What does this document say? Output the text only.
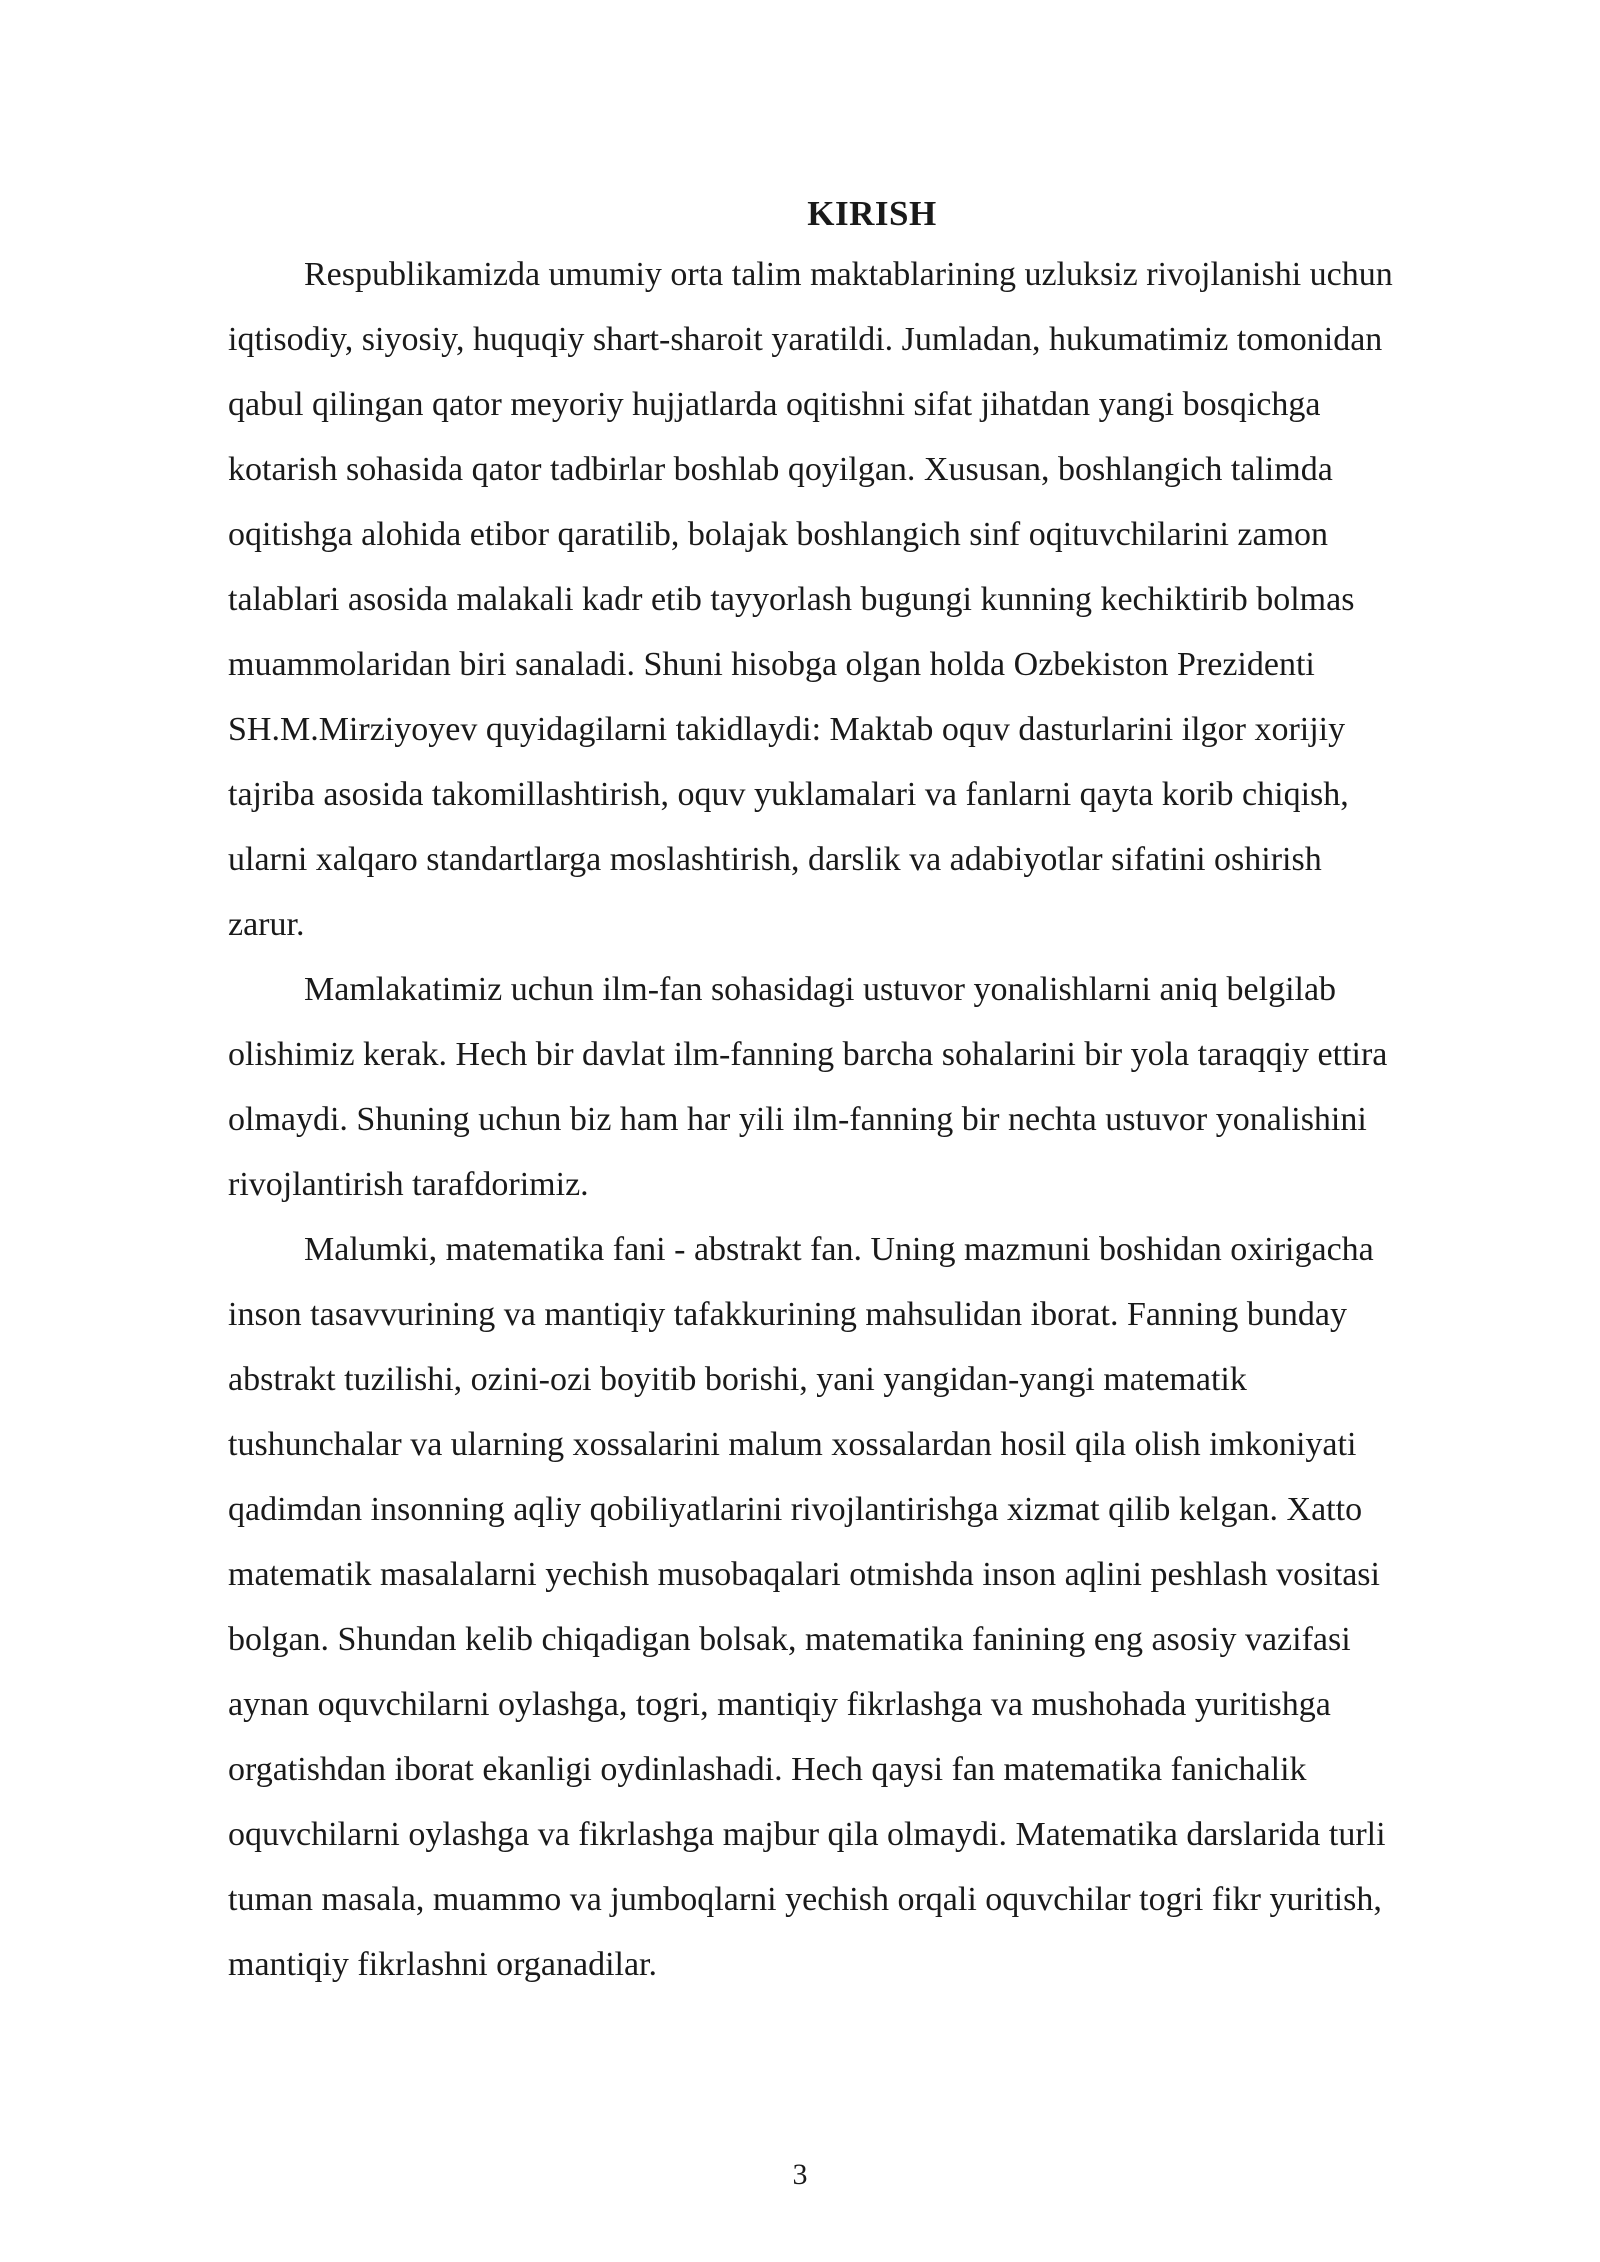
KIRISH

Respublikamizda umumiy orta talim maktablarining uzluksiz rivojlanishi uchun
iqtisodiy, siyosiy, huquqiy shart-sharoit yaratildi. Jumladan, hukumatimiz tomonidan
qabul qilingan qator meyoriy hujjatlarda oqitishni sifat jihatdan yangi bosqichga
kotarish sohasida qator tadbirlar boshlab qoyilgan. Xususan, boshlangich talimda
oqitishga alohida etibor qaratilib, bolajak boshlangich sinf oqituvchilarini zamon
talablari asosida malakali kadr etib tayyorlash bugungi kunning kechiktirib bolmas
muammolaridan biri sanaladi. Shuni hisobga olgan holda Ozbekiston Prezidenti
SH.M.Mirziyoyev quyidagilarni takidlaydi: Maktab oquv dasturlarini ilgor xorijiy
tajriba asosida takomillashtirish, oquv yuklamalari va fanlarni qayta korib chiqish,
ularni xalqaro standartlarga moslashtirish, darslik va adabiyotlar sifatini oshirish
zarur.

Mamlakatimiz uchun ilm-fan sohasidagi ustuvor yonalishlarni aniq belgilab
olishimiz kerak. Hech bir davlat ilm-fanning barcha sohalarini bir yola taraqqiy ettira
olmaydi. Shuning uchun biz ham har yili ilm-fanning bir nechta ustuvor yonalishini
rivojlantirish tarafdorimiz.

Malumki, matematika fani - abstrakt fan. Uning mazmuni boshidan oxirigacha
inson tasavvurining va mantiqiy tafakkurining mahsulidan iborat. Fanning bunday
abstrakt tuzilishi, ozini-ozi boyitib borishi, yani yangidan-yangi matematik
tushunchalar va ularning xossalarini malum xossalardan hosil qila olish imkoniyati
qadimdan insonning aqliy qobiliyatlarini rivojlantirishga xizmat qilib kelgan. Xatto
matematik masalalarni yechish musobaqalari otmishda inson aqlini peshlash vositasi
bolgan. Shundan kelib chiqadigan bolsak, matematika fanining eng asosiy vazifasi
aynan oquvchilarni oylashga, togri, mantiqiy fikrlashga va mushohada yuritishga
orgatishdan iborat ekanligi oydinlashadi. Hech qaysi fan matematika fanichalik
oquvchilarni oylashga va fikrlashga majbur qila olmaydi. Matematika darslarida turli
tuman masala, muammo va jumboqlarni yechish orqali oquvchilar togri fikr yuritish,
mantiqiy fikrlashni organadilar.

3
